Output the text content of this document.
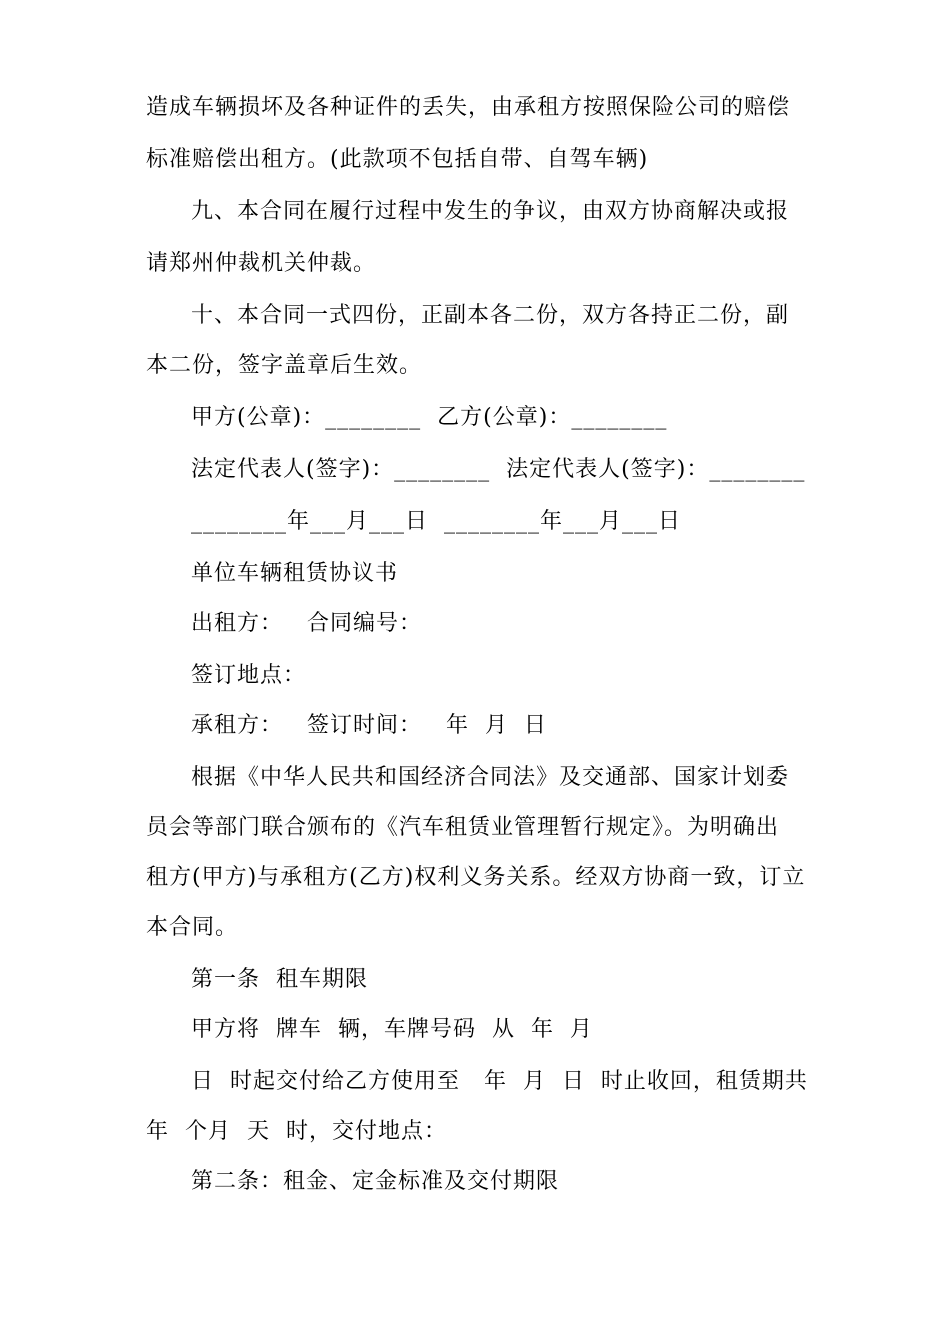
造成车辆损坏及各种证件的丢失，由承租方按照保险公司的赔偿
标准赔偿出租方。(此款项不包括自带、自驾车辆)
九、本合同在履行过程中发生的争议，由双方协商解决或报
请郑州仲裁机关仲裁。
十、本合同一式四份，正副本各二份，双方各持正二份，副
本二份，签字盖章后生效。
甲方(公章)：________  乙方(公章)：________
法定代表人(签字)：________  法定代表人(签字)：________
________年___月___日  ________年___月___日
单位车辆租赁协议书
出租方：   合同编号：
签订地点：
承租方：   签订时间：   年  月  日
根据《中华人民共和国经济合同法》及交通部、国家计划委
员会等部门联合颁布的《汽车租赁业管理暂行规定》。为明确出
租方(甲方)与承租方(乙方)权利义务关系。经双方协商一致，订立
本合同。
第一条  租车期限
甲方将  牌车  辆，车牌号码  从  年  月
日  时起交付给乙方使用至   年  月  日  时止收回，租赁期共
年  个月  天  时，交付地点：
第二条：租金、定金标准及交付期限
